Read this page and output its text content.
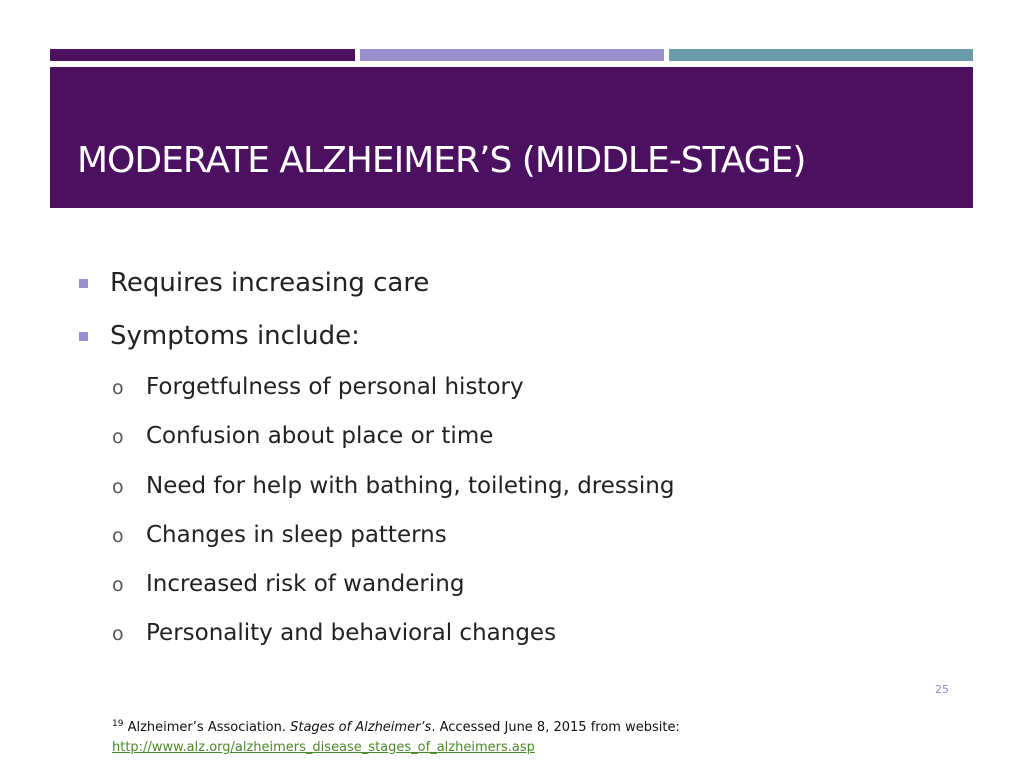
MODERATE ALZHEIMER’S (MIDDLE-STAGE)
Requires increasing care
Symptoms include:
o Forgetfulness of personal history
o Confusion about place or time
o Need for help with bathing, toileting, dressing
o Changes in sleep patterns
o Increased risk of wandering
o Personality and behavioral changes
25
$^{19}$ Alzheimer’s Association. Stages of Alzheimer’s. Accessed June 8, 2015 from website:
http://www.alz.org/alzheimers_disease_stages_of_alzheimers.asp
